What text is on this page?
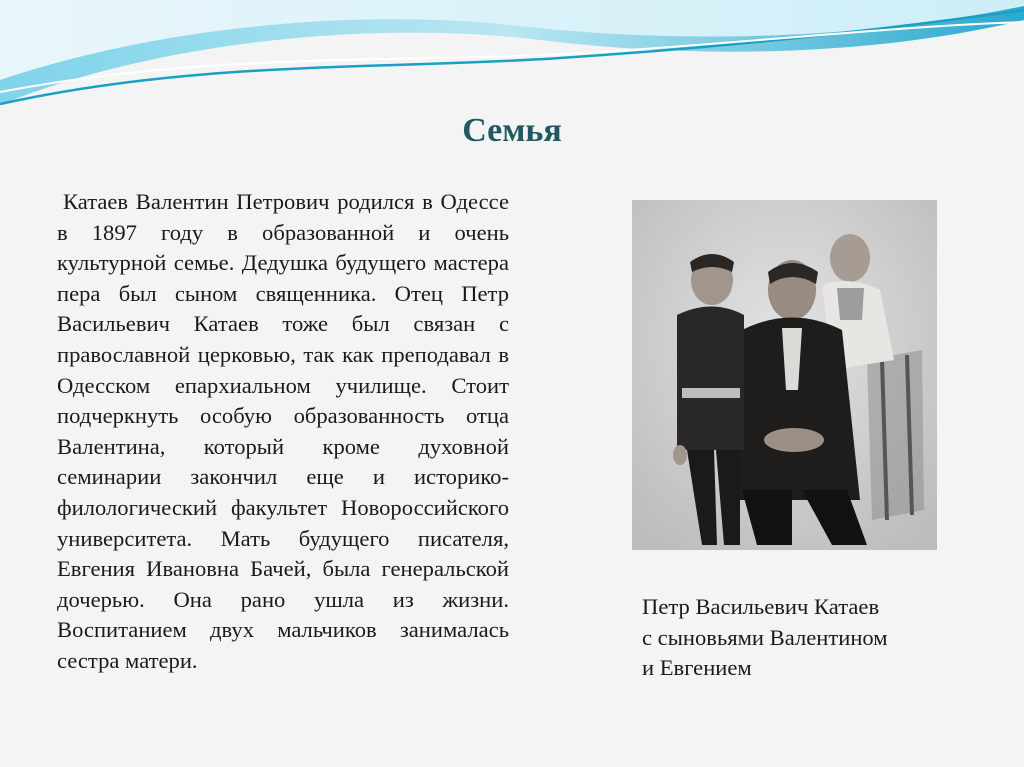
Семья
Катаев Валентин Петрович родился в Одессе в 1897 году в образованной и очень культурной семье. Дедушка будущего мастера пера был сыном священника. Отец Петр Васильевич Катаев тоже был связан с православной церковью, так как преподавал в Одесском епархиальном училище. Стоит подчеркнуть особую образованность отца Валентина, который кроме духовной семинарии закончил еще и историко-филологический факультет Новороссийского университета. Мать будущего писателя, Евгения Ивановна Бачей, была генеральской дочерью. Она рано ушла из жизни. Воспитанием двух мальчиков занималась сестра матери.
Петр Васильевич Катаев
с сыновьями Валентином
и Евгением
